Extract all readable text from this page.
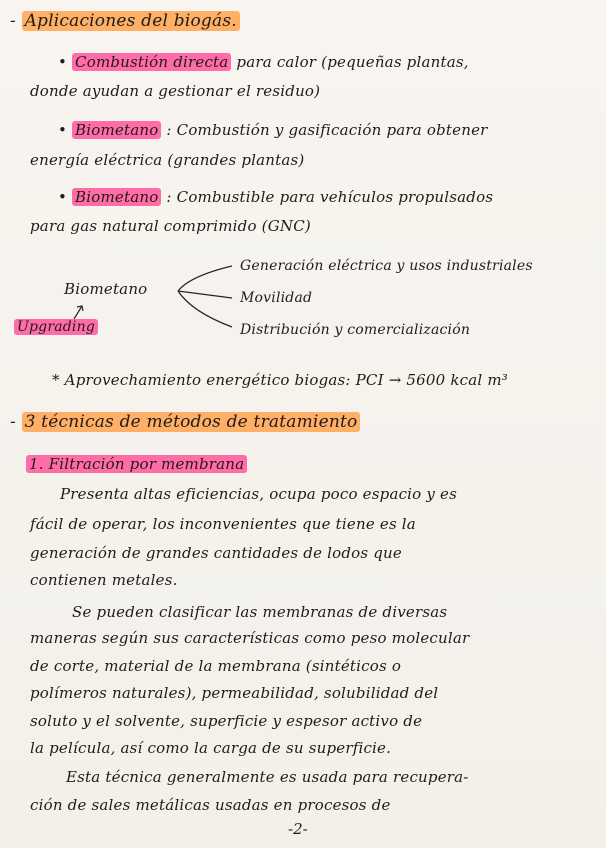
- Aplicaciones del biogás.
• Combustión directa para calor (pequeñas plantas,
donde ayudan a gestionar el residuo)
• Biometano : Combustión y gasificación para obtener
energía eléctrica (grandes plantas)
• Biometano : Combustible para vehículos propulsados
para gas natural comprimido (GNC)
Generación eléctrica y usos industriales
Biometano	Movilidad
Upgrading	Distribución y comercialización
* Aprovechamiento energético biogas: PCI → 5600 kcal m³
- 3 técnicas de métodos de tratamiento
1. Filtración por membrana
Presenta altas eficiencias, ocupa poco espacio y es
fácil de operar, los inconvenientes que tiene es la
generación de grandes cantidades de lodos que
contienen metales.
Se pueden clasificar las membranas de diversas
maneras según sus características como peso molecular
de corte, material de la membrana (sintéticos o
polímeros naturales), permeabilidad, solubilidad del
soluto y el solvente, superficie y espesor activo de
la película, así como la carga de su superficie.
Esta técnica generalmente es usada para recupera-
ción de sales metálicas usadas en procesos de
-2-
